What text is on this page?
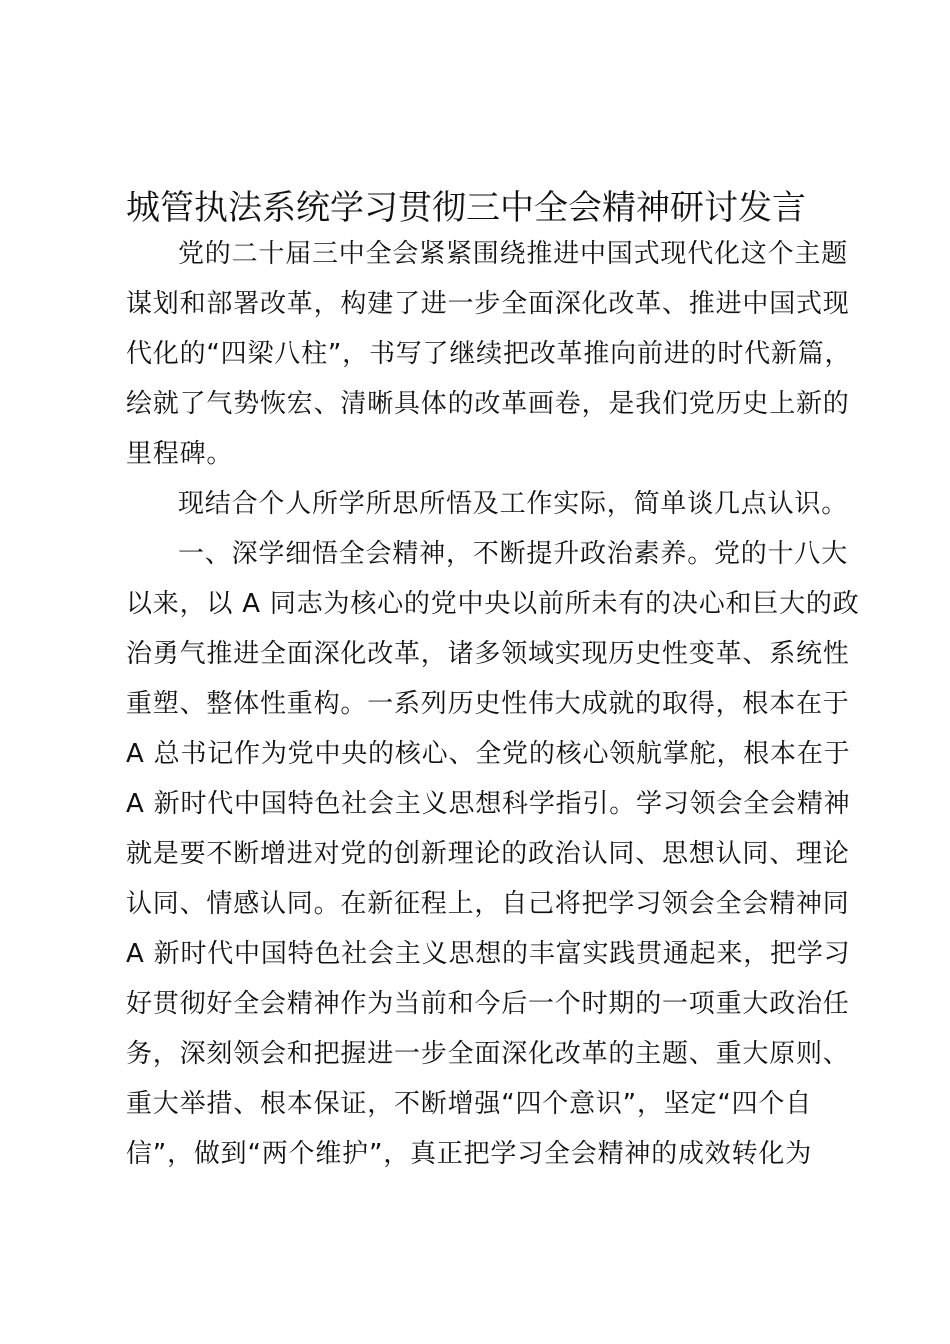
城管执法系统学习贯彻三中全会精神研讨发言
党的二十届三中全会紧紧围绕推进中国式现代化这个主题
谋划和部署改革，构建了进一步全面深化改革、推进中国式现
代化的“四梁八柱”，书写了继续把改革推向前进的时代新篇，
绘就了气势恢宏、清晰具体的改革画卷，是我们党历史上新的
里程碑。
现结合个人所学所思所悟及工作实际，简单谈几点认识。
一、深学细悟全会精神，不断提升政治素养。党的十八大
以来，以 A 同志为核心的党中央以前所未有的决心和巨大的政
治勇气推进全面深化改革，诸多领域实现历史性变革、系统性
重塑、整体性重构。一系列历史性伟大成就的取得，根本在于
A 总书记作为党中央的核心、全党的核心领航掌舵，根本在于
A 新时代中国特色社会主义思想科学指引。学习领会全会精神
就是要不断增进对党的创新理论的政治认同、思想认同、理论
认同、情感认同。在新征程上，自己将把学习领会全会精神同
A 新时代中国特色社会主义思想的丰富实践贯通起来，把学习
好贯彻好全会精神作为当前和今后一个时期的一项重大政治任
务，深刻领会和把握进一步全面深化改革的主题、重大原则、
重大举措、根本保证，不断增强“四个意识”，坚定“四个自
信”，做到“两个维护”，真正把学习全会精神的成效转化为
